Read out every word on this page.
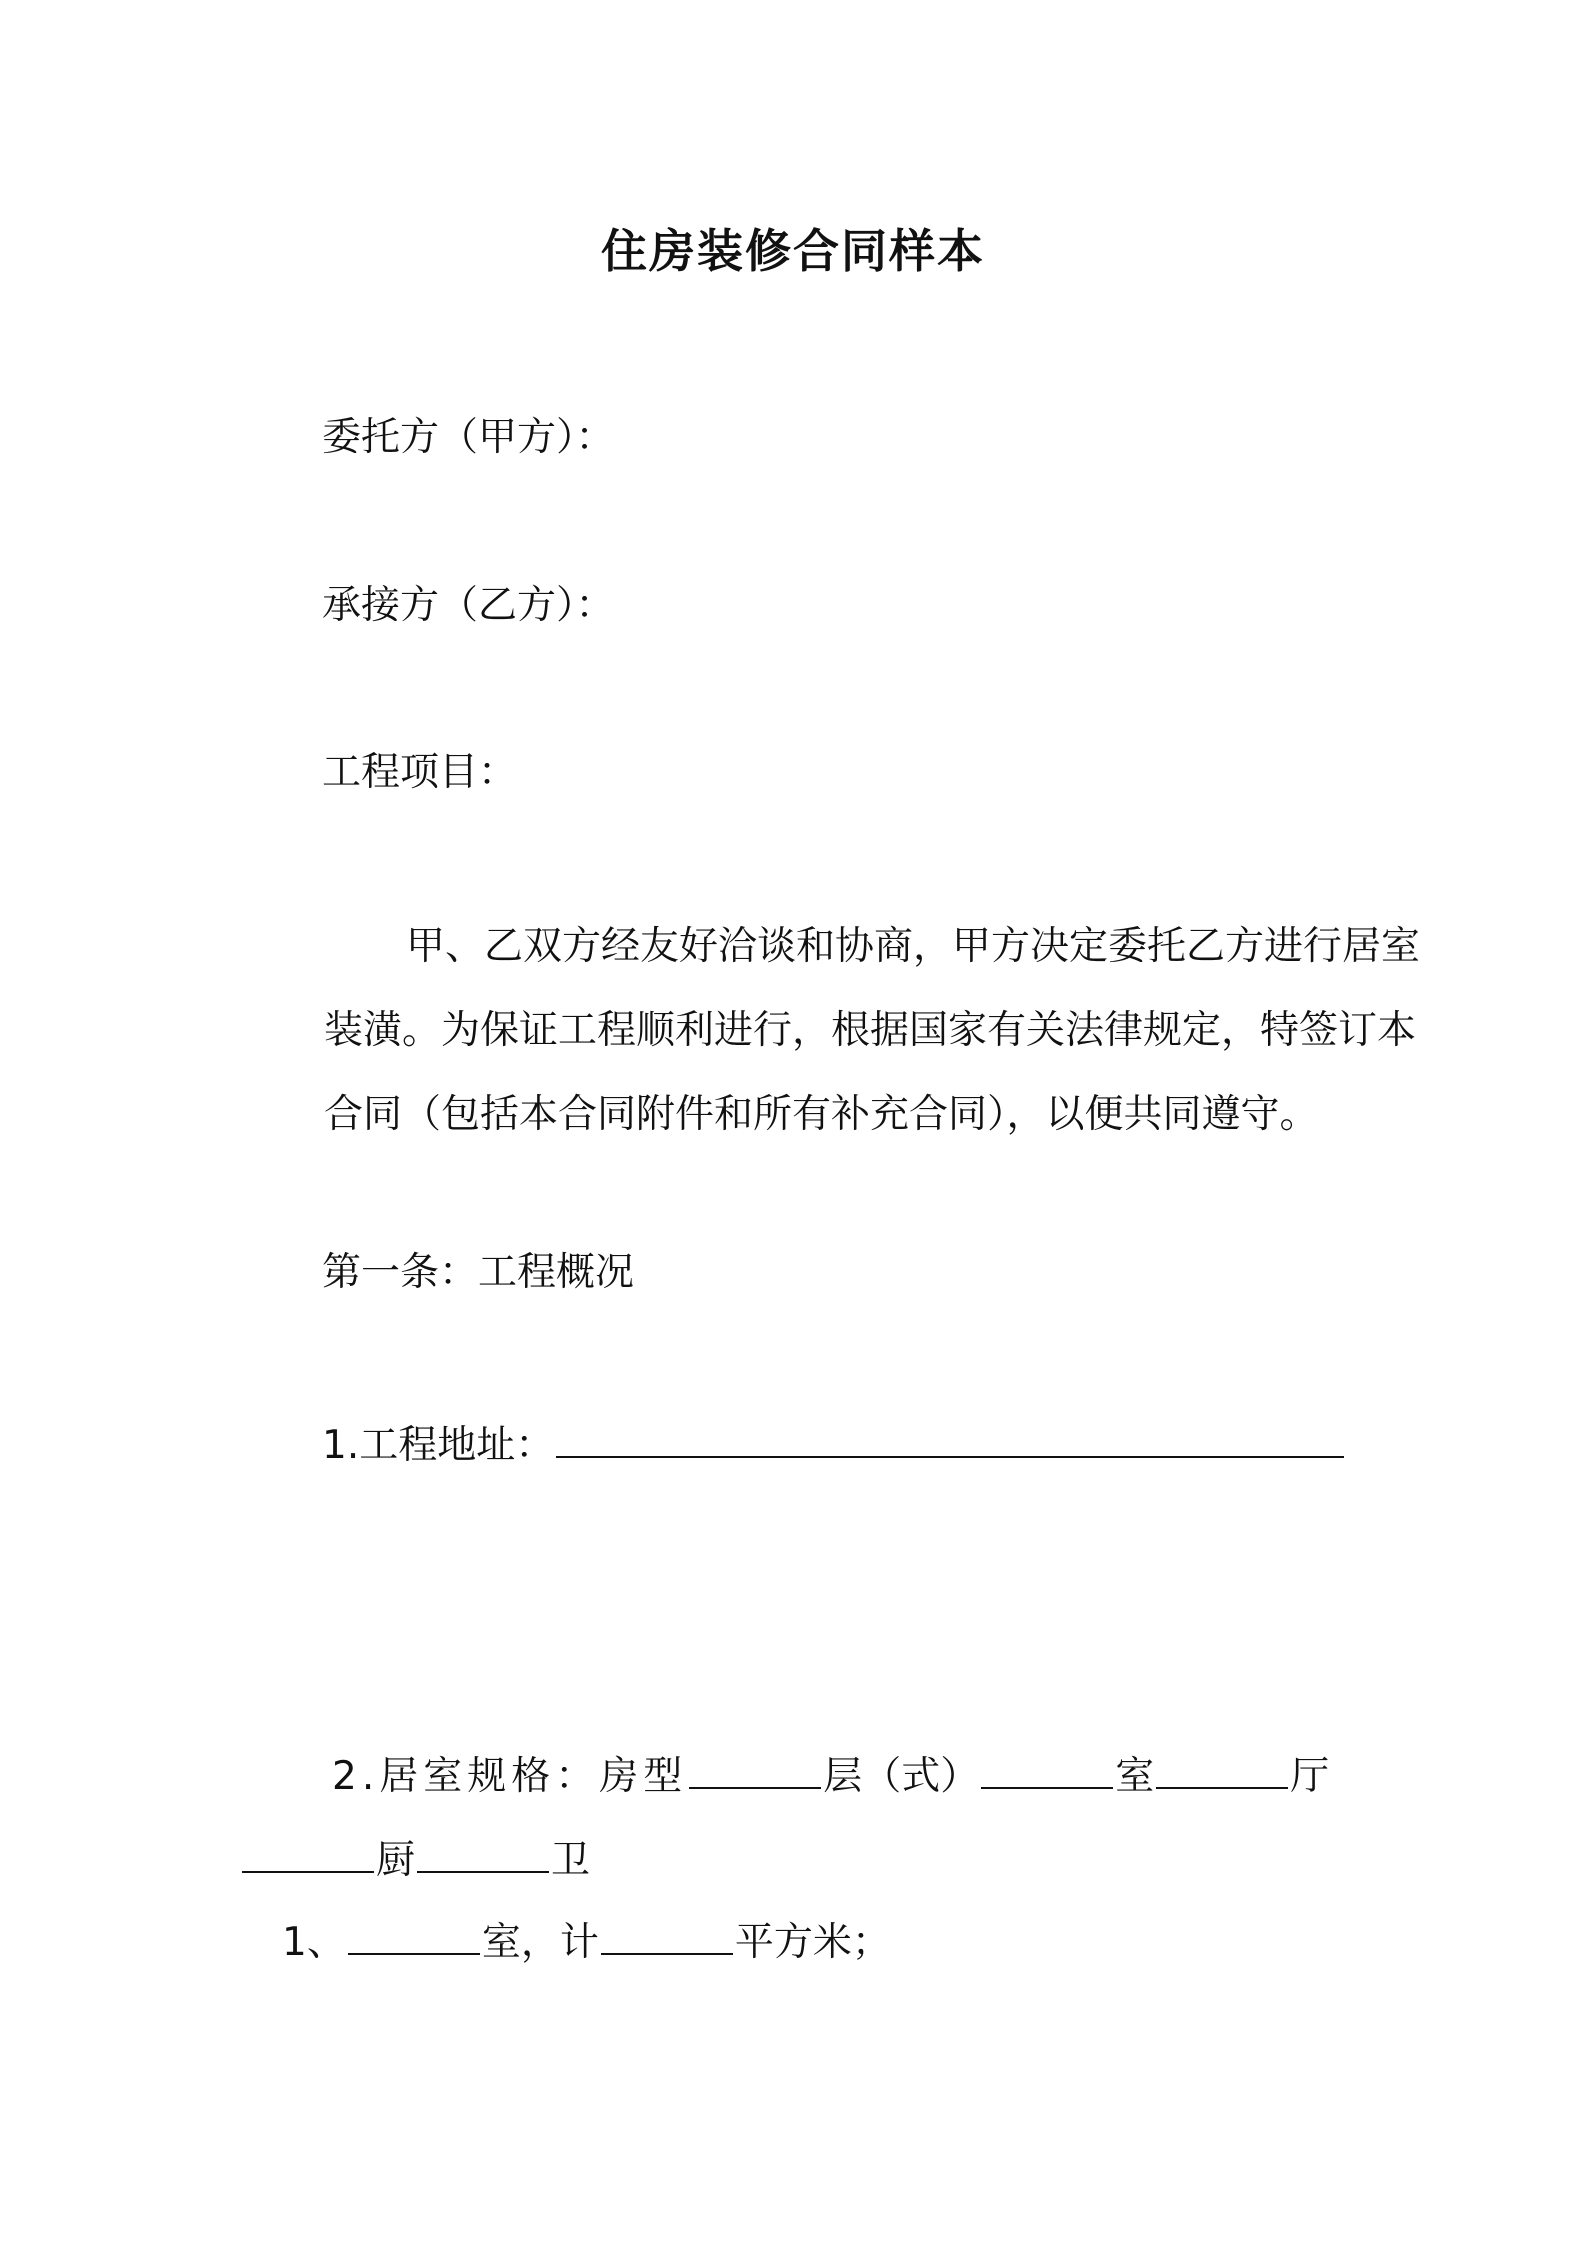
住房装修合同样本
委托方（甲方）：
承接方（乙方）：
工程项目：
甲、乙双方经友好洽谈和协商，甲方决定委托乙方进行居室
装潢。为保证工程顺利进行，根据国家有关法律规定，特签订本
合同（包括本合同附件和所有补充合同），以便共同遵守。
第一条：工程概况
1.工程地址：
2.居室规格：房型	层（式）	室	厅
厨	卫
1、	室，计	平方米；
